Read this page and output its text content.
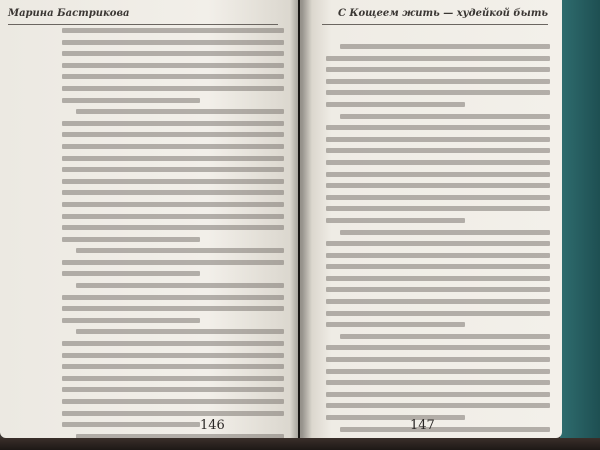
Марина Бастрикова
146
С Кощеем жить — худейкой быть
147
